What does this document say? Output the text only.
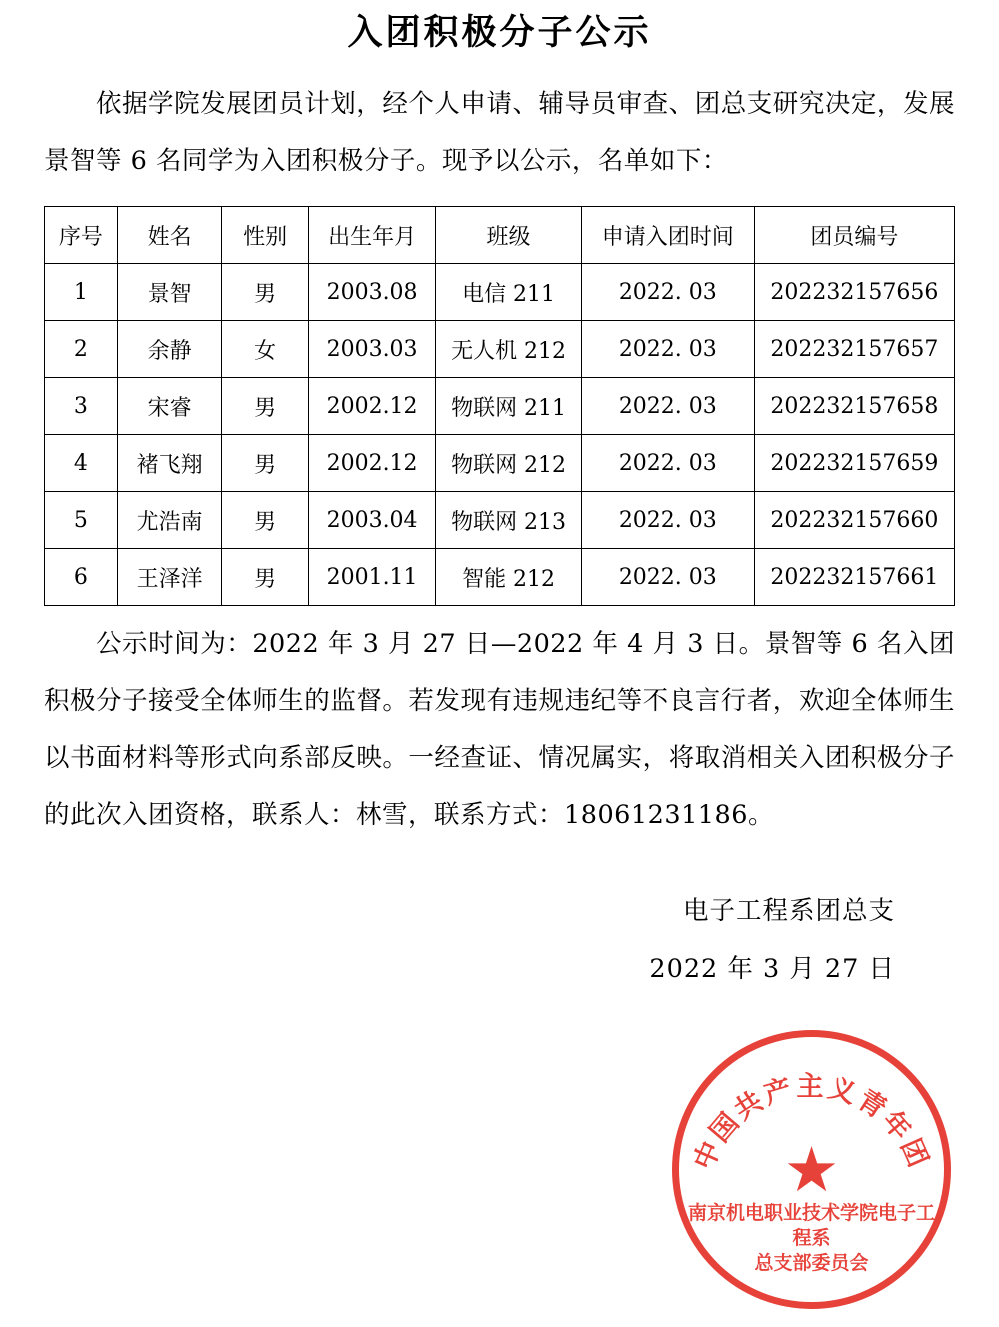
入团积极分子公示

依据学院发展团员计划，经个人申请、辅导员审查、团总支研究决定，发展景智等 6 名同学为入团积极分子。现予以公示，名单如下：

序号	姓名	性别	出生年月	班级	申请入团时间	团员编号
1	景智	男	2003.08	电信 211	2022. 03	202232157656
2	余静	女	2003.03	无人机 212	2022. 03	202232157657
3	宋睿	男	2002.12	物联网 211	2022. 03	202232157658
4	褚飞翔	男	2002.12	物联网 212	2022. 03	202232157659
5	尤浩南	男	2003.04	物联网 213	2022. 03	202232157660
6	王泽洋	男	2001.11	智能 212	2022. 03	202232157661

公示时间为：2022 年 3 月 27 日—2022 年 4 月 3 日。景智等 6 名入团积极分子接受全体师生的监督。若发现有违规违纪等不良言行者，欢迎全体师生以书面材料等形式向系部反映。一经查证、情况属实，将取消相关入团积极分子的此次入团资格，联系人：林雪，联系方式：18061231186。

电子工程系团总支
2022 年 3 月 27 日
中国共产主义青年团
★
南京机电职业技术学院电子工程系
总支部委员会
